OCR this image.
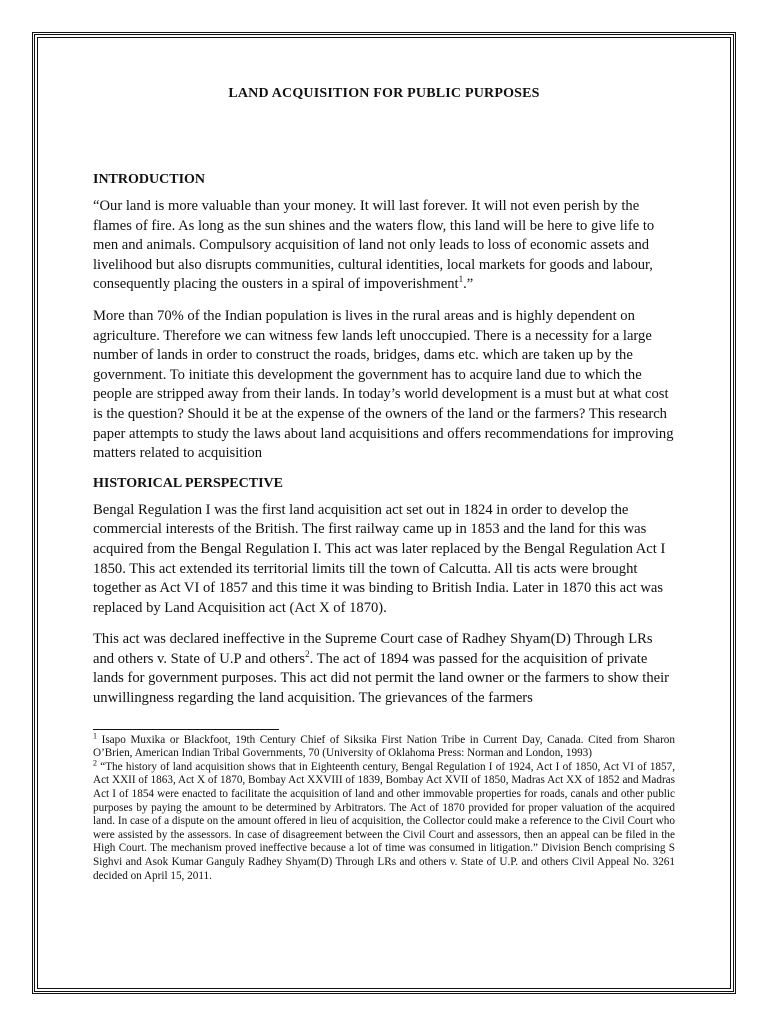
LAND ACQUISITION FOR PUBLIC PURPOSES
INTRODUCTION

“Our land is more valuable than your money. It will last forever. It will not even perish by the flames of fire. As long as the sun shines and the waters flow, this land will be here to give life to men and animals. Compulsory acquisition of land not only leads to loss of economic assets and livelihood but also disrupts communities, cultural identities, local markets for goods and labour, consequently placing the ousters in a spiral of impoverishment$^1$.”

More than 70% of the Indian population is lives in the rural areas and is highly dependent on agriculture. Therefore we can witness few lands left unoccupied. There is a necessity for a large number of lands in order to construct the roads, bridges, dams etc. which are taken up by the government. To initiate this development the government has to acquire land due to which the people are stripped away from their lands. In today’s world development is a must but at what cost is the question? Should it be at the expense of the owners of the land or the farmers? This research paper attempts to study the laws about land acquisitions and offers recommendations for improving matters related to acquisition

HISTORICAL PERSPECTIVE

Bengal Regulation I was the first land acquisition act set out in 1824 in order to develop the commercial interests of the British. The first railway came up in 1853 and the land for this was acquired from the Bengal Regulation I. This act was later replaced by the Bengal Regulation Act I 1850. This act extended its territorial limits till the town of Calcutta. All tis acts were brought together as Act VI of 1857 and this time it was binding to British India. Later in 1870 this act was replaced by Land Acquisition act (Act X of 1870).

This act was declared ineffective in the Supreme Court case of Radhey Shyam(D) Through LRs and others v. State of U.P and others$^2$. The act of 1894 was passed for the acquisition of private lands for government purposes. This act did not permit the land owner or the farmers to show their unwillingness regarding the land acquisition. The grievances of the farmers

$^1$ Isapo Muxika or Blackfoot, 19th Century Chief of Siksika First Nation Tribe in Current Day, Canada. Cited from Sharon O’Brien, American Indian Tribal Governments, 70 (University of Oklahoma Press: Norman and London, 1993)

$^2$ “The history of land acquisition shows that in Eighteenth century, Bengal Regulation I of 1924, Act I of 1850, Act VI of 1857, Act XXII of 1863, Act X of 1870, Bombay Act XXVIII of 1839, Bombay Act XVII of 1850, Madras Act XX of 1852 and Madras Act I of 1854 were enacted to facilitate the acquisition of land and other immovable properties for roads, canals and other public purposes by paying the amount to be determined by Arbitrators. The Act of 1870 provided for proper valuation of the acquired land. In case of a dispute on the amount offered in lieu of acquisition, the Collector could make a reference to the Civil Court who were assisted by the assessors. In case of disagreement between the Civil Court and assessors, then an appeal can be filed in the High Court. The mechanism proved ineffective because a lot of time was consumed in litigation.” Division Bench comprising S Sighvi and Asok Kumar Ganguly Radhey Shyam(D) Through LRs and others v. State of U.P. and others Civil Appeal No. 3261 decided on April 15, 2011.
